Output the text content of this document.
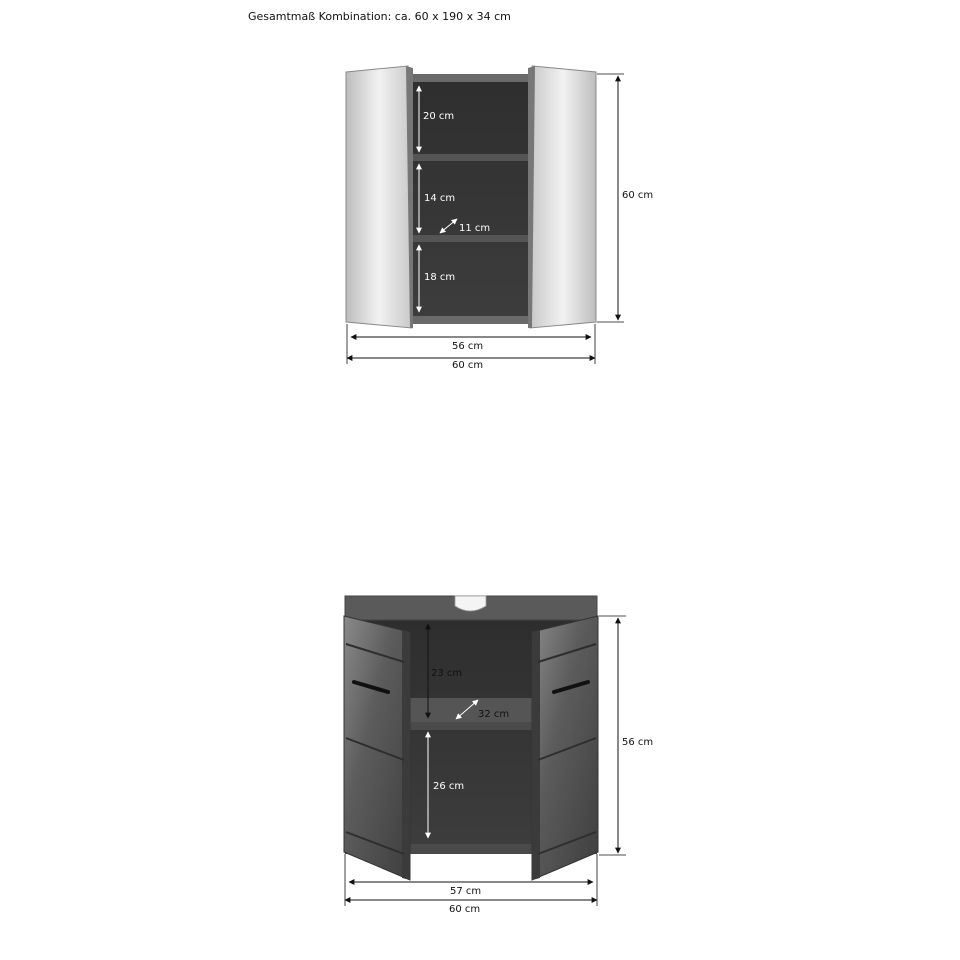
Gesamtmaß Kombination: ca. 60 x 190 x 34 cm
20 cm
14 cm
11 cm
18 cm
60 cm
56 cm
60 cm
23 cm
32 cm
26 cm
56 cm
57 cm
60 cm
